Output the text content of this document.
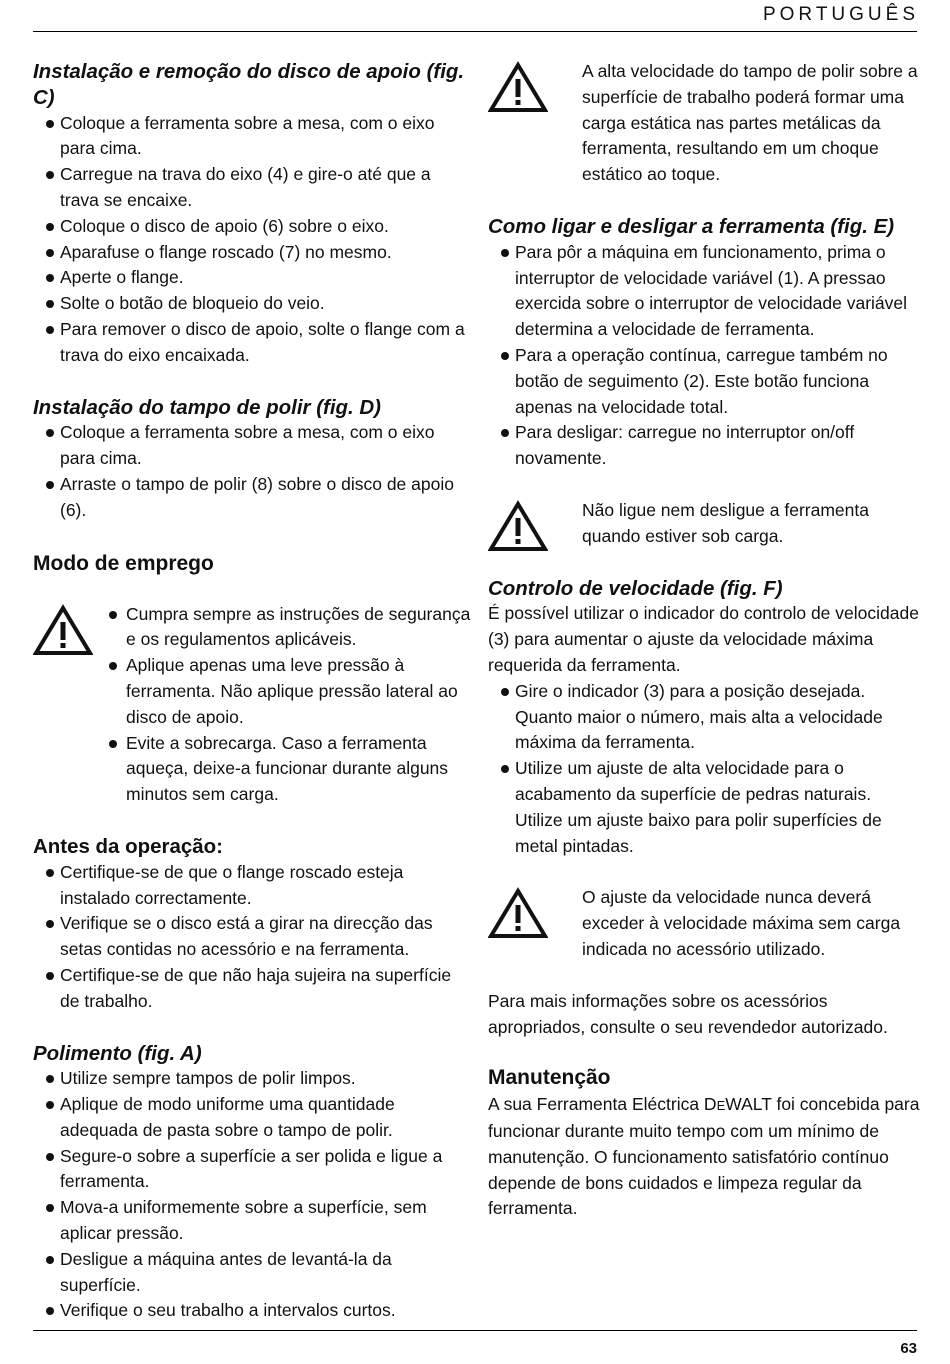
PORTUGUÊS
Instalação e remoção do disco de apoio (fig. C)
Coloque a ferramenta sobre a mesa, com o eixo para cima.
Carregue na trava do eixo (4) e gire-o até que a trava se encaixe.
Coloque o disco de apoio (6) sobre o eixo.
Aparafuse o flange roscado (7) no mesmo.
Aperte o flange.
Solte o botão de bloqueio do veio.
Para remover o disco de apoio, solte o flange com a trava do eixo encaixada.
Instalação do tampo de polir (fig. D)
Coloque a ferramenta sobre a mesa, com o eixo para cima.
Arraste o tampo de polir (8) sobre o disco de apoio (6).
Modo de emprego
Cumpra sempre as instruções de segurança e os regulamentos aplicáveis.
Aplique apenas uma leve pressão à ferramenta. Não aplique pressão lateral ao disco de apoio.
Evite a sobrecarga. Caso a ferramenta aqueça, deixe-a funcionar durante alguns minutos sem carga.
Antes da operação:
Certifique-se de que o flange roscado esteja instalado correctamente.
Verifique se o disco está a girar na direcção das setas contidas no acessório e na ferramenta.
Certifique-se de que não haja sujeira na superfície de trabalho.
Polimento (fig. A)
Utilize sempre tampos de polir limpos.
Aplique de modo uniforme uma quantidade adequada de pasta sobre o tampo de polir.
Segure-o sobre a superfície a ser polida e ligue a ferramenta.
Mova-a uniformemente sobre a superfície, sem aplicar pressão.
Desligue a máquina antes de levantá-la da superfície.
Verifique o seu trabalho a intervalos curtos.

A alta velocidade do tampo de polir sobre a superfície de trabalho poderá formar uma carga estática nas partes metálicas da ferramenta, resultando em um choque estático ao toque.

Como ligar e desligar a ferramenta (fig. E)
Para pôr a máquina em funcionamento, prima o interruptor de velocidade variável (1). A pressao exercida sobre o interruptor de velocidade variável determina a velocidade de ferramenta.
Para a operação contínua, carregue também no botão de seguimento (2). Este botão funciona apenas na velocidade total.
Para desligar: carregue no interruptor on/off novamente.

Não ligue nem desligue a ferramenta quando estiver sob carga.

Controlo de velocidade (fig. F)

É possível utilizar o indicador do controlo de velocidade (3) para aumentar o ajuste da velocidade máxima requerida da ferramenta.

Gire o indicador (3) para a posição desejada. Quanto maior o número, mais alta a velocidade máxima da ferramenta.
Utilize um ajuste de alta velocidade para o acabamento da superfície de pedras naturais. Utilize um ajuste baixo para polir superfícies de metal pintadas.

O ajuste da velocidade nunca deverá exceder à velocidade máxima sem carga indicada no acessório utilizado.

Para mais informações sobre os acessórios apropriados, consulte o seu revendedor autorizado.

Manutenção

A sua Ferramenta Eléctrica DEWALT foi concebida para funcionar durante muito tempo com um mínimo de manutenção. O funcionamento satisfatório contínuo depende de bons cuidados e limpeza regular da ferramenta.

63
